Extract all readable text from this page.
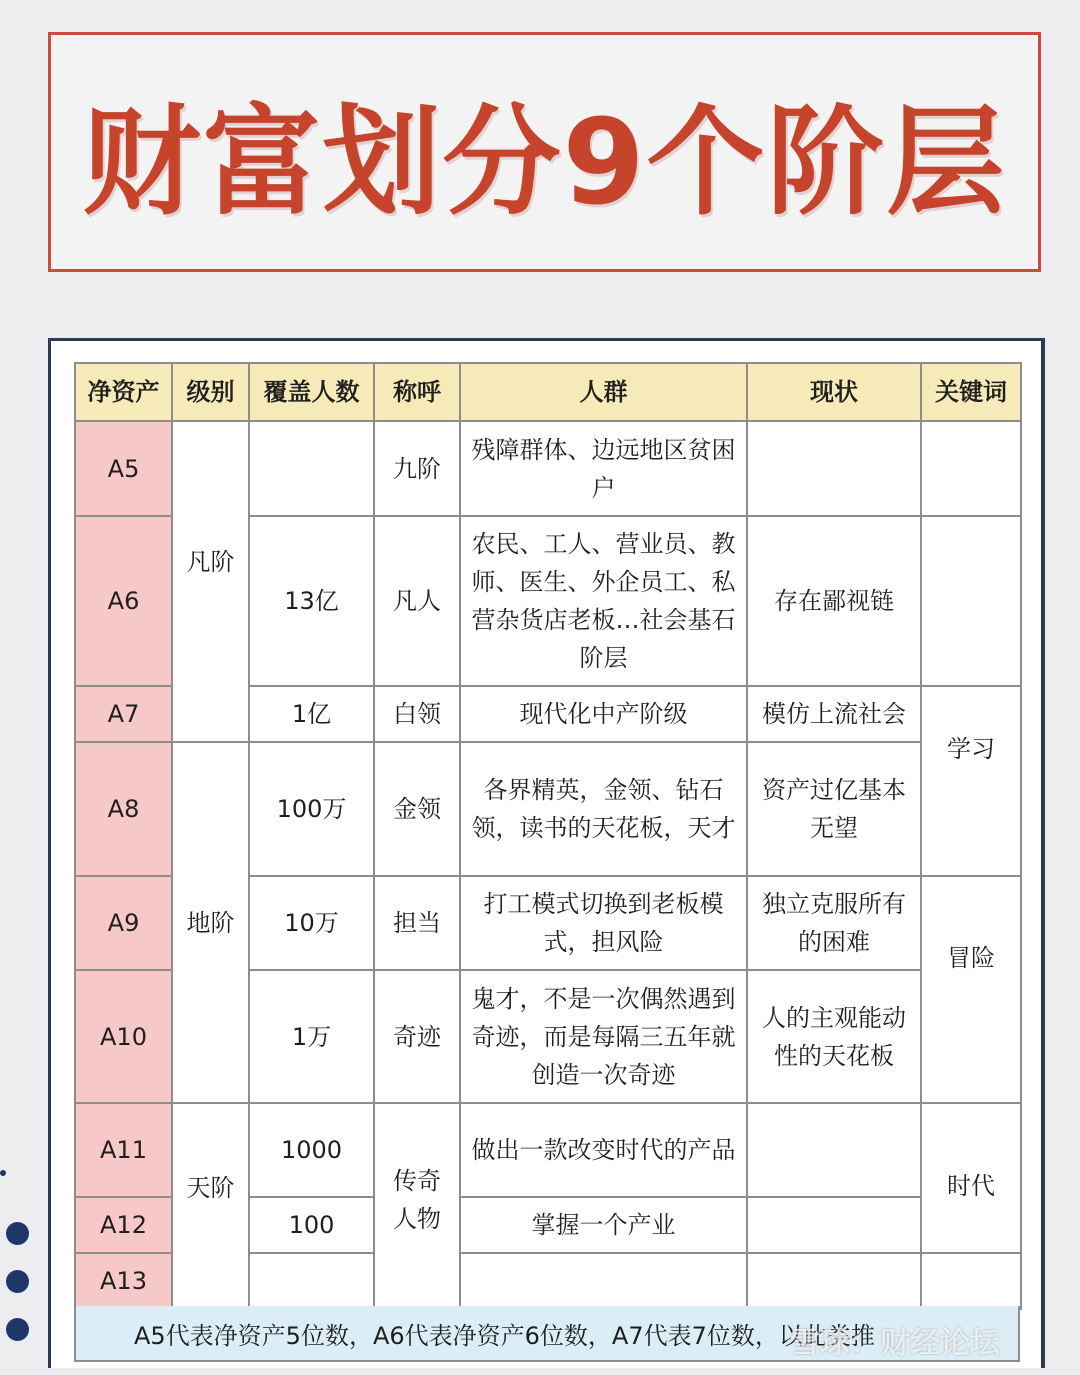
财富划分9个阶层
净资产	级别	覆盖人数	称呼	人群	现状	关键词
A5	凡阶		九阶	残障群体、边远地区贫困户		
A6		13亿	凡人	农民、工人、营业员、教师、医生、外企员工、私营杂货店老板…社会基石阶层	存在鄙视链	
A7		1亿	白领	现代化中产阶级	模仿上流社会	学习
A8	地阶	100万	金领	各界精英，金领、钻石领，读书的天花板，天才	资产过亿基本无望	
A9		10万	担当	打工模式切换到老板模式，担风险	独立克服所有的困难	冒险
A10		1万	奇迹	鬼才，不是一次偶然遇到奇迹，而是每隔三五年就创造一次奇迹	人的主观能动性的天花板	
A11	天阶	1000	传奇人物	做出一款改变时代的产品		时代
A12		100		掌握一个产业		
A13						
A5代表净资产5位数，A6代表净资产6位数，A7代表7位数，以此类推
雪球：财经论坛
